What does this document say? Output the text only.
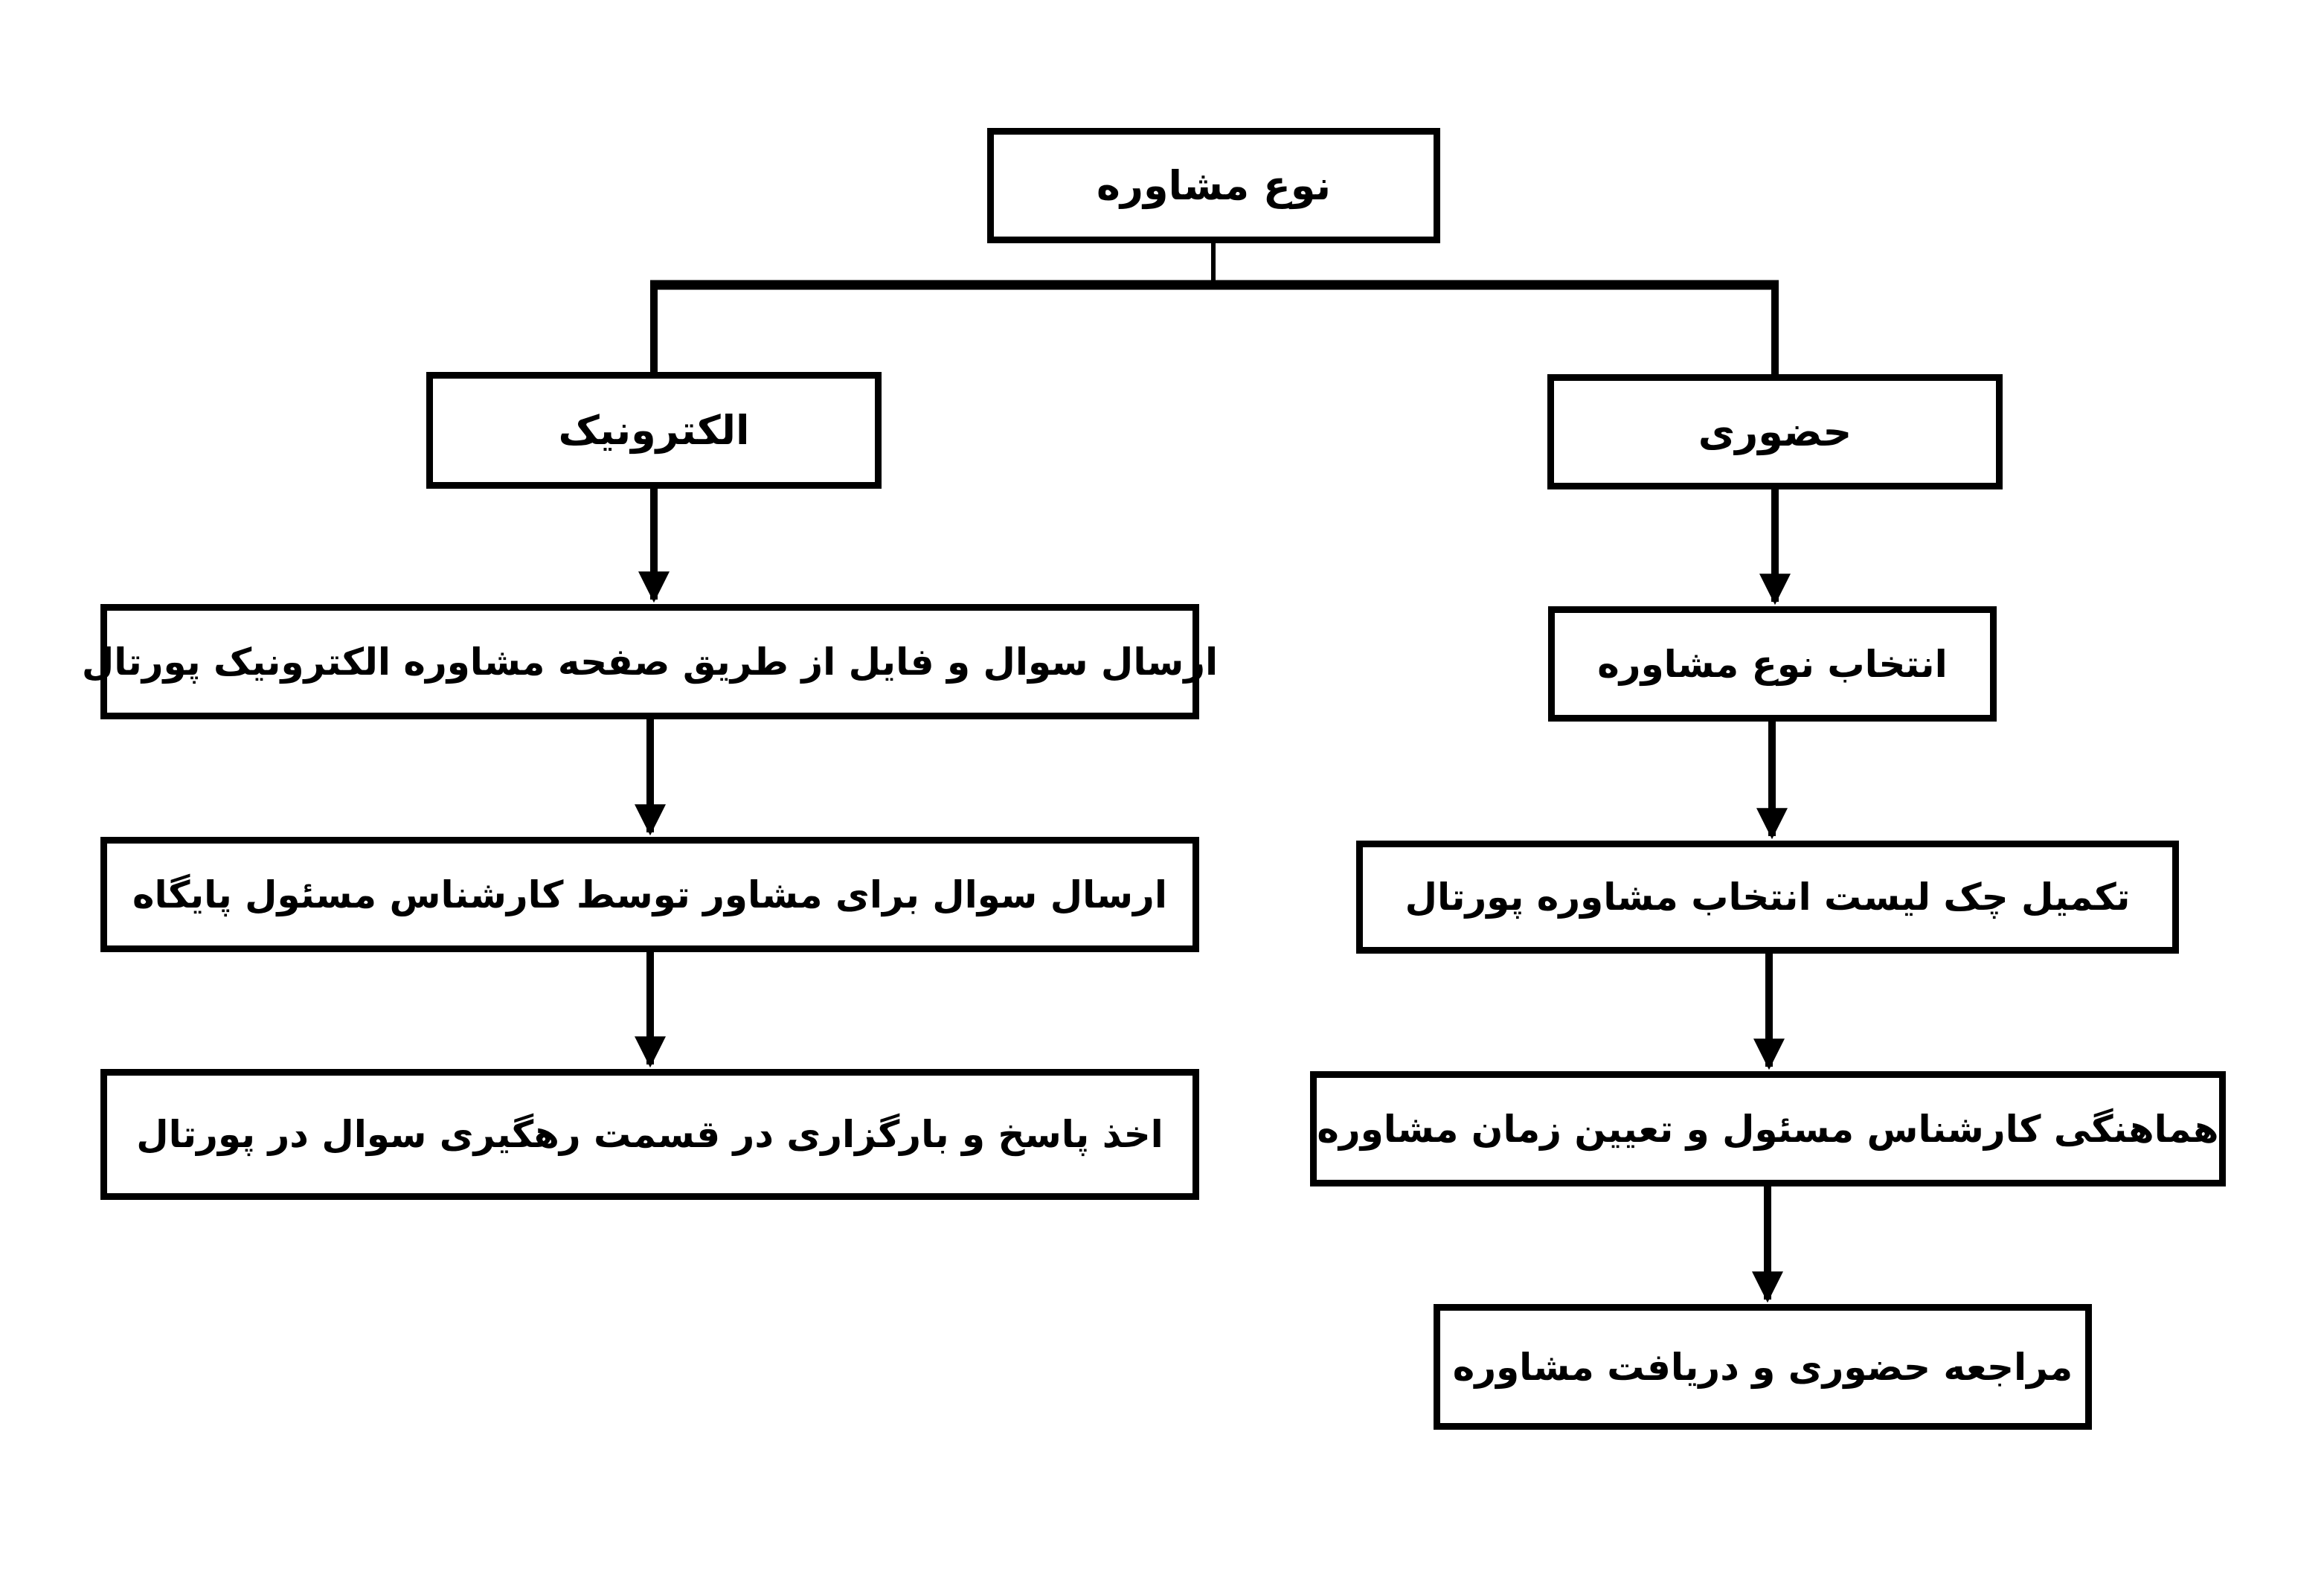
نوع مشاوره
الکترونیک	حضوری
ارسال سوال و فایل از طریق صفحه مشاوره الکترونیک پورتال
ارسال سوال برای مشاور توسط کارشناس مسئول پایگاه
اخذ پاسخ و بارگزاری در قسمت رهگیری سوال در پورتال
انتخاب نوع مشاوره
تکمیل چک لیست انتخاب مشاوره پورتال
هماهنگی کارشناس مسئول و تعیین زمان مشاوره
مراجعه حضوری و دریافت مشاوره
